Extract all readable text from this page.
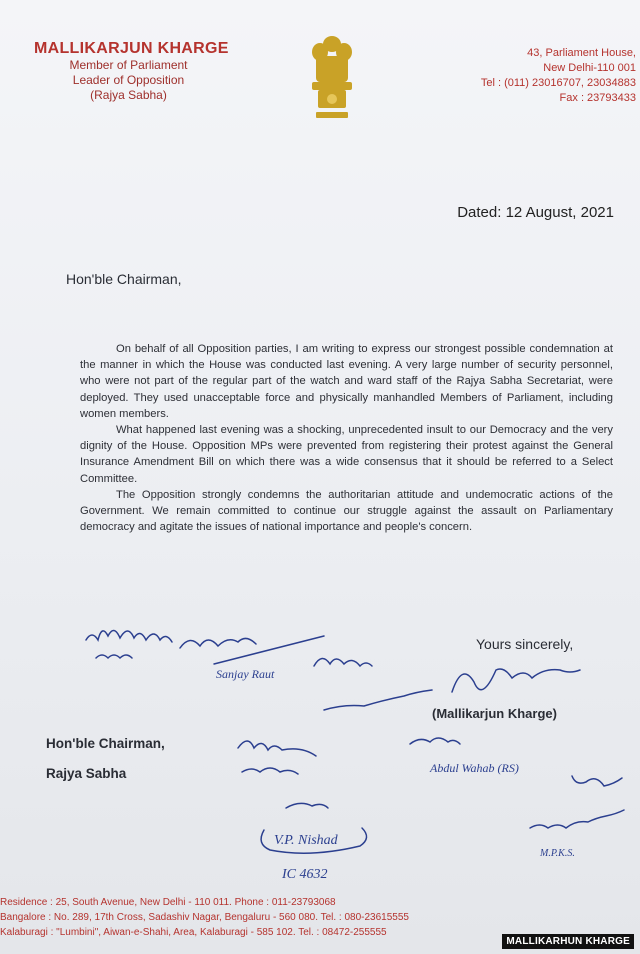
MALLIKARJUN KHARGE
Member of Parliament
Leader of Opposition
(Rajya Sabha)
43, Parliament House,
New Delhi-110 001
Tel : (011) 23016707, 23034883
Fax : 23793433
Dated: 12 August, 2021
Hon'ble Chairman,

On behalf of all Opposition parties, I am writing to express our strongest possible condemnation at the manner in which the House was conducted last evening. A very large number of security personnel, who were not part of the regular part of the watch and ward staff of the Rajya Sabha Secretariat, were deployed. They used unacceptable force and physically manhandled Members of Parliament, including women members.

What happened last evening was a shocking, unprecedented insult to our Democracy and the very dignity of the House. Opposition MPs were prevented from registering their protest against the General Insurance Amendment Bill on which there was a wide consensus that it should be referred to a Select Committee.

The Opposition strongly condemns the authoritarian attitude and undemocratic actions of the Government. We remain committed to continue our struggle against the assault on Parliamentary democracy and agitate the issues of national importance and people's concern.

Yours sincerely,
Sanjay Raut
Abdul Wahab (RS)
V.P. Nishad
IC 4632
M.P.K.S.
(Mallikarjun Kharge)
Hon'ble Chairman,
Rajya Sabha
Residence : 25, South Avenue, New Delhi - 110 011. Phone : 011-23793068
Bangalore : No. 289, 17th Cross, Sadashiv Nagar, Bengaluru - 560 080. Tel. : 080-23615555
Kalaburagi : "Lumbini", Aiwan-e-Shahi, Area, Kalaburagi - 585 102. Tel. : 08472-255555
MALLIKARHUN KHARGE
